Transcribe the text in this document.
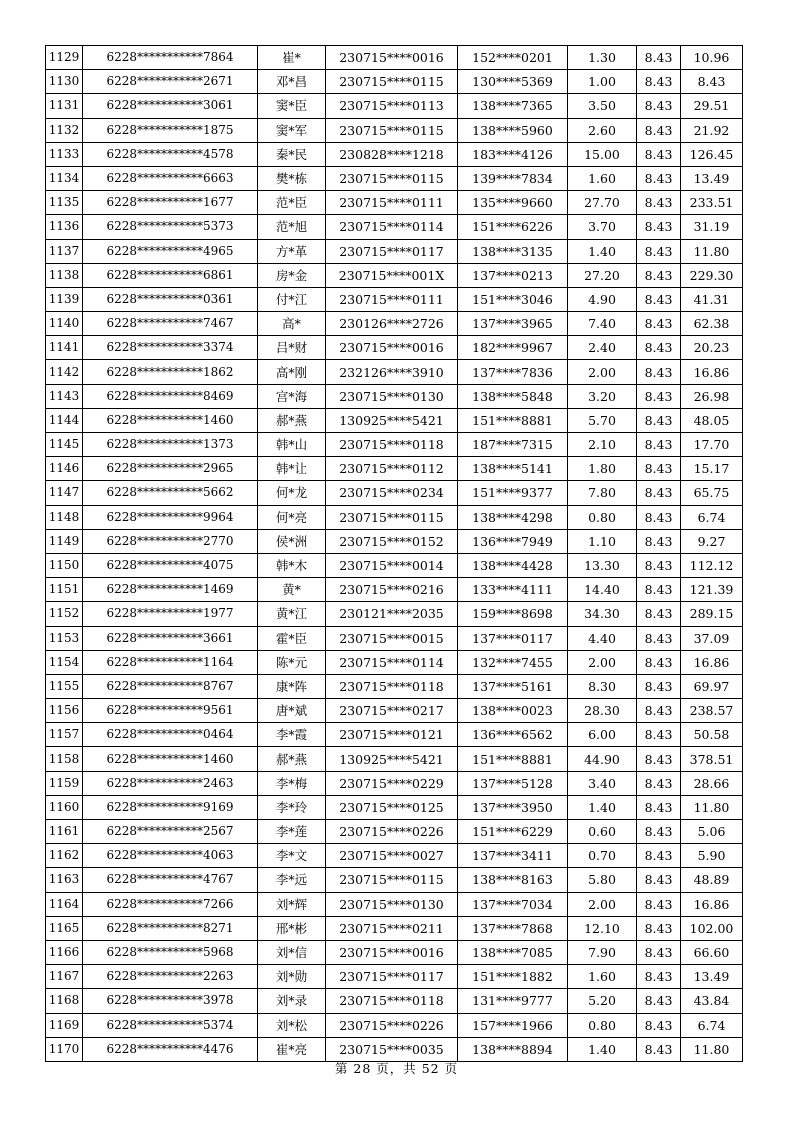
1129	6228***********7864	崔*	230715****0016	152****0201	1.30	8.43	10.96
1130	6228***********2671	邓*昌	230715****0115	130****5369	1.00	8.43	8.43
1131	6228***********3061	窦*臣	230715****0113	138****7365	3.50	8.43	29.51
1132	6228***********1875	窦*军	230715****0115	138****5960	2.60	8.43	21.92
1133	6228***********4578	秦*民	230828****1218	183****4126	15.00	8.43	126.45
1134	6228***********6663	樊*栋	230715****0115	139****7834	1.60	8.43	13.49
1135	6228***********1677	范*臣	230715****0111	135****9660	27.70	8.43	233.51
1136	6228***********5373	范*旭	230715****0114	151****6226	3.70	8.43	31.19
1137	6228***********4965	方*革	230715****0117	138****3135	1.40	8.43	11.80
1138	6228***********6861	房*金	230715****001X	137****0213	27.20	8.43	229.30
1139	6228***********0361	付*江	230715****0111	151****3046	4.90	8.43	41.31
1140	6228***********7467	高*	230126****2726	137****3965	7.40	8.43	62.38
1141	6228***********3374	吕*财	230715****0016	182****9967	2.40	8.43	20.23
1142	6228***********1862	高*刚	232126****3910	137****7836	2.00	8.43	16.86
1143	6228***********8469	宫*海	230715****0130	138****5848	3.20	8.43	26.98
1144	6228***********1460	郝*燕	130925****5421	151****8881	5.70	8.43	48.05
1145	6228***********1373	韩*山	230715****0118	187****7315	2.10	8.43	17.70
1146	6228***********2965	韩*让	230715****0112	138****5141	1.80	8.43	15.17
1147	6228***********5662	何*龙	230715****0234	151****9377	7.80	8.43	65.75
1148	6228***********9964	何*亮	230715****0115	138****4298	0.80	8.43	6.74
1149	6228***********2770	侯*洲	230715****0152	136****7949	1.10	8.43	9.27
1150	6228***********4075	韩*木	230715****0014	138****4428	13.30	8.43	112.12
1151	6228***********1469	黄*	230715****0216	133****4111	14.40	8.43	121.39
1152	6228***********1977	黄*江	230121****2035	159****8698	34.30	8.43	289.15
1153	6228***********3661	霍*臣	230715****0015	137****0117	4.40	8.43	37.09
1154	6228***********1164	陈*元	230715****0114	132****7455	2.00	8.43	16.86
1155	6228***********8767	康*阵	230715****0118	137****5161	8.30	8.43	69.97
1156	6228***********9561	唐*斌	230715****0217	138****0023	28.30	8.43	238.57
1157	6228***********0464	李*霞	230715****0121	136****6562	6.00	8.43	50.58
1158	6228***********1460	郝*燕	130925****5421	151****8881	44.90	8.43	378.51
1159	6228***********2463	李*梅	230715****0229	137****5128	3.40	8.43	28.66
1160	6228***********9169	李*玲	230715****0125	137****3950	1.40	8.43	11.80
1161	6228***********2567	李*莲	230715****0226	151****6229	0.60	8.43	5.06
1162	6228***********4063	李*文	230715****0027	137****3411	0.70	8.43	5.90
1163	6228***********4767	李*远	230715****0115	138****8163	5.80	8.43	48.89
1164	6228***********7266	刘*辉	230715****0130	137****7034	2.00	8.43	16.86
1165	6228***********8271	邢*彬	230715****0211	137****7868	12.10	8.43	102.00
1166	6228***********5968	刘*信	230715****0016	138****7085	7.90	8.43	66.60
1167	6228***********2263	刘*勋	230715****0117	151****1882	1.60	8.43	13.49
1168	6228***********3978	刘*录	230715****0118	131****9777	5.20	8.43	43.84
1169	6228***********5374	刘*松	230715****0226	157****1966	0.80	8.43	6.74
1170	6228***********4476	崔*亮	230715****0035	138****8894	1.40	8.43	11.80
第 28 页，共 52 页
